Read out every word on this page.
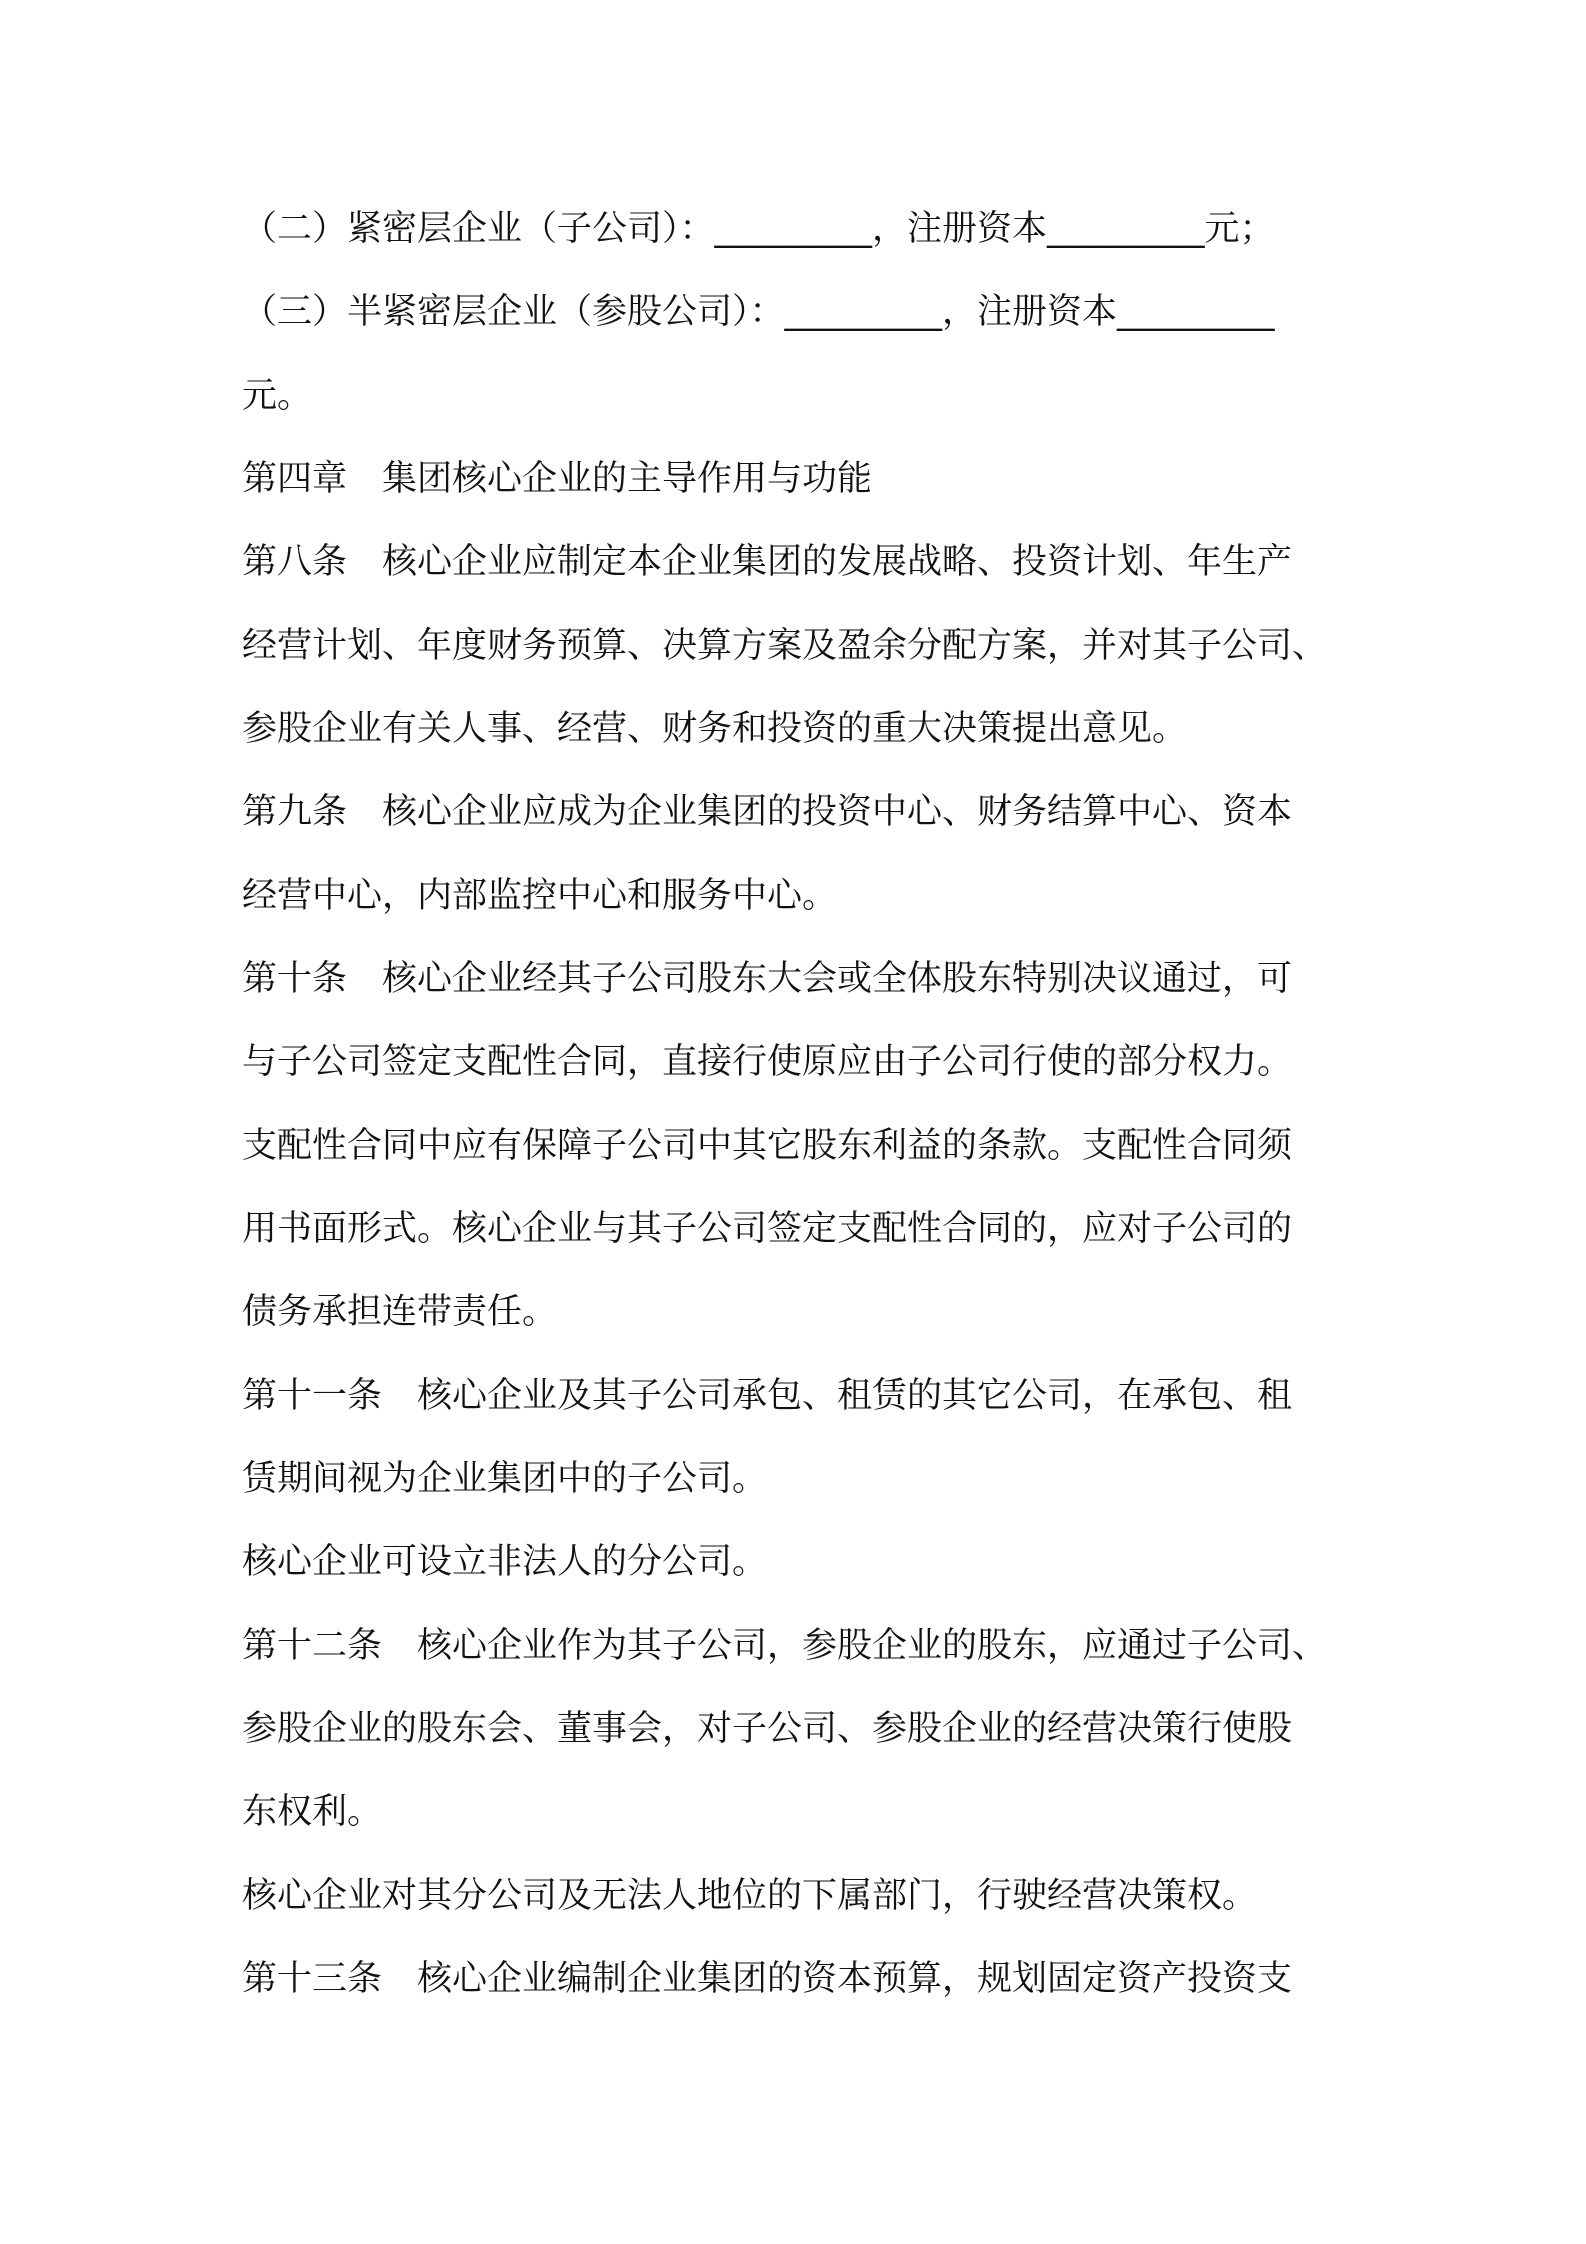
（二）紧密层企业（子公司）：_________，注册资本_________元；
（三）半紧密层企业（参股公司）：_________，注册资本_________
元。
第四章　集团核心企业的主导作用与功能
第八条　核心企业应制定本企业集团的发展战略、投资计划、年生产
经营计划、年度财务预算、决算方案及盈余分配方案，并对其子公司、
参股企业有关人事、经营、财务和投资的重大决策提出意见。
第九条　核心企业应成为企业集团的投资中心、财务结算中心、资本
经营中心，内部监控中心和服务中心。
第十条　核心企业经其子公司股东大会或全体股东特别决议通过，可
与子公司签定支配性合同，直接行使原应由子公司行使的部分权力。
支配性合同中应有保障子公司中其它股东利益的条款。支配性合同须
用书面形式。核心企业与其子公司签定支配性合同的，应对子公司的
债务承担连带责任。
第十一条　核心企业及其子公司承包、租赁的其它公司，在承包、租
赁期间视为企业集团中的子公司。
核心企业可设立非法人的分公司。
第十二条　核心企业作为其子公司，参股企业的股东，应通过子公司、
参股企业的股东会、董事会，对子公司、参股企业的经营决策行使股
东权利。
核心企业对其分公司及无法人地位的下属部门，行驶经营决策权。
第十三条　核心企业编制企业集团的资本预算，规划固定资产投资支
